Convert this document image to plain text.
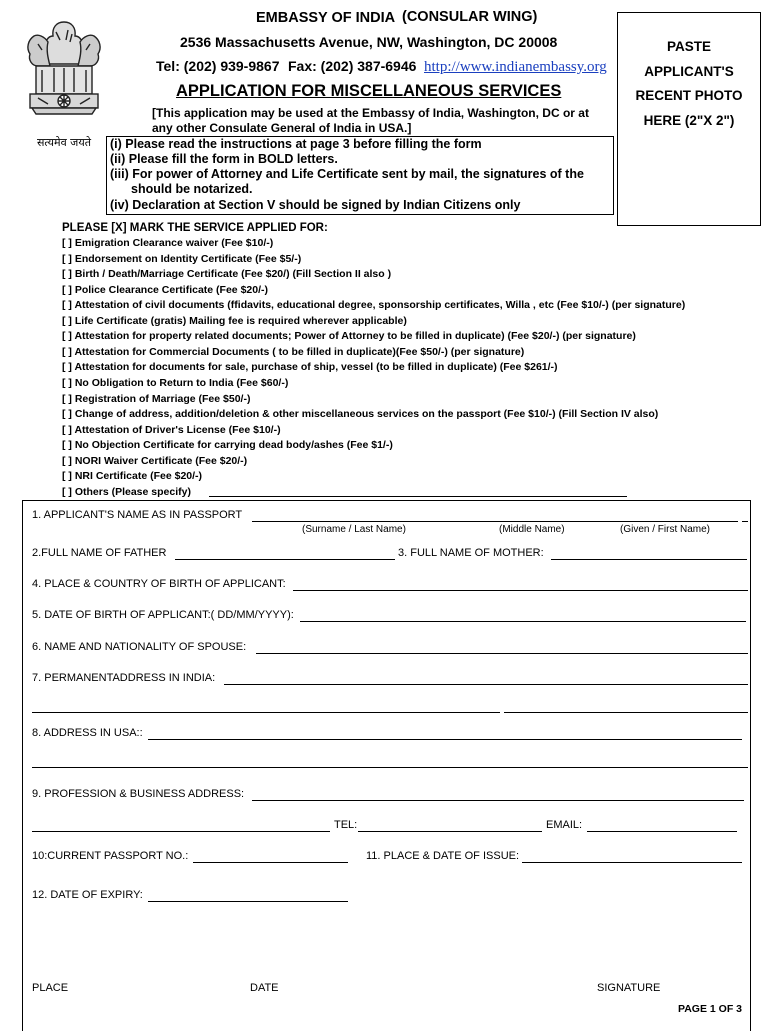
सत्यमेव जयते
EMBASSY OF INDIA (CONSULAR WING)
2536 Massachusetts Avenue, NW, Washington, DC 20008
Tel: (202) 939-9867 Fax: (202) 387-6946 http://www.indianembassy.org
APPLICATION FOR MISCELLANEOUS SERVICES
[This application may be used at the Embassy of India, Washington, DC or at
any other Consulate General of India in USA.]
PASTE
APPLICANT'S
RECENT PHOTO
HERE (2"X 2")
(i) Please read the instructions at page 3 before filling the form
(ii) Please fill the form in BOLD letters.
(iii) For power of Attorney and Life Certificate sent by mail, the signatures of the
should be notarized.
(iv) Declaration at Section V should be signed by Indian Citizens only
PLEASE [X] MARK THE SERVICE APPLIED FOR:
[ ] Emigration Clearance waiver (Fee $10/-)
[ ] Endorsement on Identity Certificate (Fee $5/-)
[ ] Birth / Death/Marriage Certificate (Fee $20/) (Fill Section II also )
[ ] Police Clearance Certificate (Fee $20/-)
[ ] Attestation of civil documents (ffidavits, educational degree, sponsorship certificates, Willa , etc (Fee $10/-) (per signature)
[ ] Life Certificate (gratis) Mailing fee is required wherever applicable)
[ ] Attestation for property related documents; Power of Attorney to be filled in duplicate) (Fee $20/-) (per signature)
[ ] Attestation for Commercial Documents ( to be filled in duplicate)(Fee $50/-) (per signature)
[ ] Attestation for documents for sale, purchase of ship, vessel (to be filled in duplicate) (Fee $261/-)
[ ] No Obligation to Return to India (Fee $60/-)
[ ] Registration of Marriage (Fee $50/-)
[ ] Change of address, addition/deletion & other miscellaneous services on the passport (Fee $10/-) (Fill Section IV also)
[ ] Attestation of Driver's License (Fee $10/-)
[ ] No Objection Certificate for carrying dead body/ashes (Fee $1/-)
[ ] NORI Waiver Certificate (Fee $20/-)
[ ] NRI Certificate (Fee $20/-)
[ ] Others (Please specify)
1. APPLICANT'S NAME AS IN PASSPORT
(Surname / Last Name)	(Middle Name)	(Given / First Name)
2.FULL NAME OF FATHER	3. FULL NAME OF MOTHER:
4. PLACE & COUNTRY OF BIRTH OF APPLICANT:
5. DATE OF BIRTH OF APPLICANT:( DD/MM/YYYY):
6. NAME AND NATIONALITY OF SPOUSE:
7. PERMANENTADDRESS IN INDIA:
8. ADDRESS IN USA::
9. PROFESSION & BUSINESS ADDRESS:
TEL:	EMAIL:
10:CURRENT PASSPORT NO.:	11. PLACE & DATE OF ISSUE:
12. DATE OF EXPIRY:
PLACE	DATE	SIGNATURE
PAGE 1 OF 3
